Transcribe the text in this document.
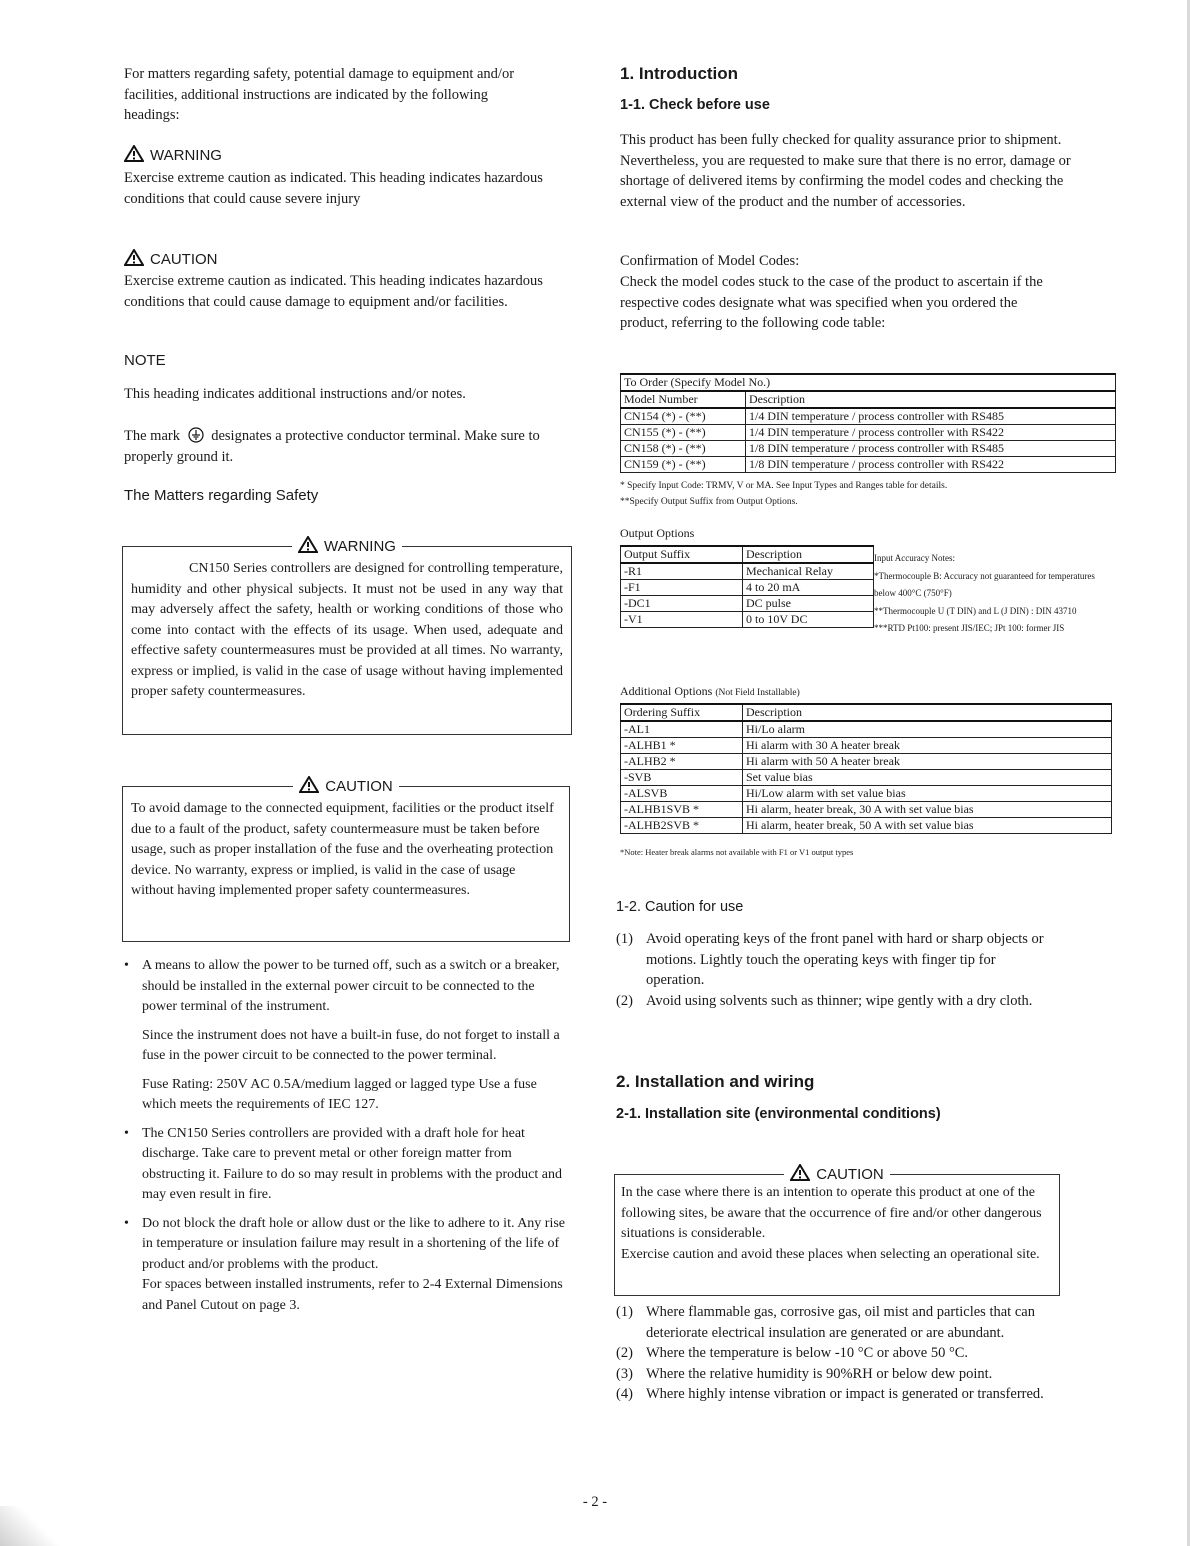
For matters regarding safety, potential damage to equipment and/or facilities, additional instructions are indicated by the following headings:

WARNING

Exercise extreme caution as indicated. This heading indicates hazardous conditions that could cause severe injury

CAUTION

Exercise extreme caution as indicated. This heading indicates hazardous conditions that could cause damage to equipment and/or facilities.

NOTE

This heading indicates additional instructions and/or notes.

The mark designates a protective conductor terminal. Make sure to properly ground it.

The Matters regarding Safety
WARNING

CN150 Series controllers are designed for controlling temperature, humidity and other physical subjects. It must not be used in any way that may adversely affect the safety, health or working conditions of those who come into contact with the effects of its usage. When used, adequate and effective safety countermeasures must be provided at all times. No warranty, express or implied, is valid in the case of usage without having implemented proper safety countermeasures.

CAUTION

To avoid damage to the connected equipment, facilities or the product itself due to a fault of the product, safety countermeasure must be taken before usage, such as proper installation of the fuse and the overheating protection device. No warranty, express or implied, is valid in the case of usage without having implemented proper safety countermeasures.

• A means to allow the power to be turned off, such as a switch or a breaker, should be installed in the external power circuit to be connected to the power terminal of the instrument.
Since the instrument does not have a built-in fuse, do not forget to install a fuse in the power circuit to be connected to the power terminal.
Fuse Rating: 250V AC 0.5A/medium lagged or lagged type Use a fuse which meets the requirements of IEC 127.
• The CN150 Series controllers are provided with a draft hole for heat discharge. Take care to prevent metal or other foreign matter from obstructing it. Failure to do so may result in problems with the product and may even result in fire.
• Do not block the draft hole or allow dust or the like to adhere to it. Any rise in temperature or insulation failure may result in a shortening of the life of product and/or problems with the product.
For spaces between installed instruments, refer to 2-4 External Dimensions and Panel Cutout on page 3.
1. Introduction
1-1. Check before use

This product has been fully checked for quality assurance prior to shipment. Nevertheless, you are requested to make sure that there is no error, damage or shortage of delivered items by confirming the model codes and checking the external view of the product and the number of accessories.

Confirmation of Model Codes:

Check the model codes stuck to the case of the product to ascertain if the respective codes designate what was specified when you ordered the product, referring to the following code table:

To Order (Specify Model No.)	
Model Number	Description
CN154 (*) - (**)	1/4 DIN temperature / process controller with RS485
CN155 (*) - (**)	1/4 DIN temperature / process controller with RS422
CN158 (*) - (**)	1/8 DIN temperature / process controller with RS485
CN159 (*) - (**)	1/8 DIN temperature / process controller with RS422
* Specify Input Code: TRMV, V or MA. See Input Types and Ranges table for details.
**Specify Output Suffix from Output Options.
Output Options
Output Suffix	Description
-R1	Mechanical Relay
-F1	4 to 20 mA
-DC1	DC pulse
-V1	0 to 10V DC
Input Accuracy Notes:
*Thermocouple B: Accuracy not guaranteed for temperatures below 400°C (750°F)
**Thermocouple U (T DIN) and L (J DIN) : DIN 43710
***RTD Pt100: present JIS/IEC; JPt 100: former JIS
Additional Options (Not Field Installable)
Ordering Suffix	Description
-AL1	Hi/Lo alarm
-ALHB1 *	Hi alarm with 30 A heater break
-ALHB2 *	Hi alarm with 50 A heater break
-SVB	Set value bias
-ALSVB	Hi/Low alarm with set value bias
-ALHB1SVB *	Hi alarm, heater break, 30 A with set value bias
-ALHB2SVB *	Hi alarm, heater break, 50 A with set value bias
*Note: Heater break alarms not available with F1 or V1 output types
1-2. Caution for use
(1) Avoid operating keys of the front panel with hard or sharp objects or motions. Lightly touch the operating keys with finger tip for operation.
(2) Avoid using solvents such as thinner; wipe gently with a dry cloth.
2. Installation and wiring
2-1. Installation site (environmental conditions)
CAUTION

In the case where there is an intention to operate this product at one of the following sites, be aware that the occurrence of fire and/or other dangerous situations is considerable.

Exercise caution and avoid these places when selecting an operational site.

(1) Where flammable gas, corrosive gas, oil mist and particles that can deteriorate electrical insulation are generated or are abundant.
(2) Where the temperature is below -10 °C or above 50 °C.
(3) Where the relative humidity is 90%RH or below dew point.
(4) Where highly intense vibration or impact is generated or transferred.
- 2 -
